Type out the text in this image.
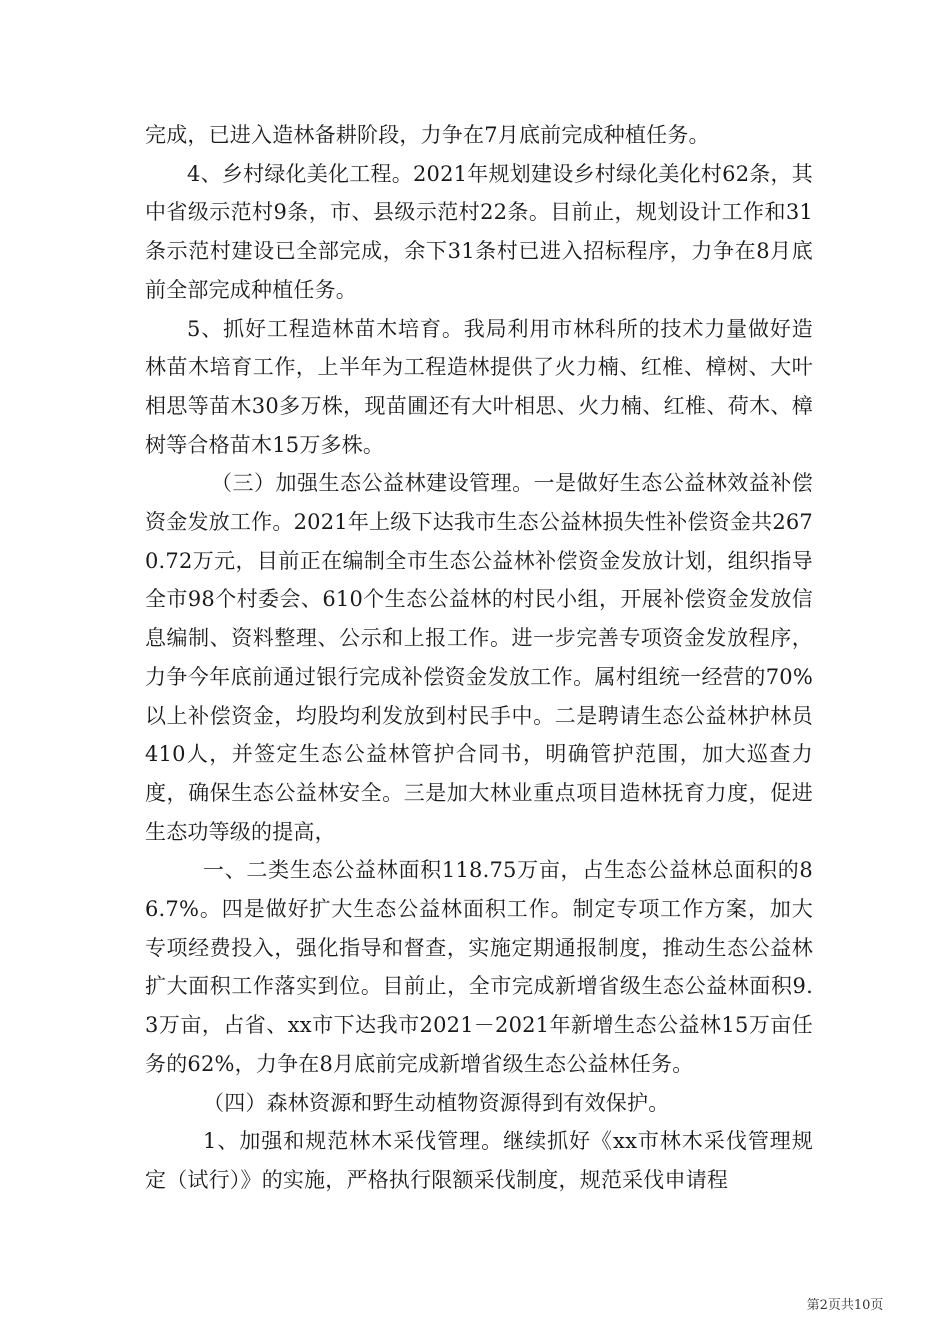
完成，已进入造林备耕阶段，力争在7月底前完成种植任务。

4、乡村绿化美化工程。2021年规划建设乡村绿化美化村62条，其中省级示范村9条，市、县级示范村22条。目前止，规划设计工作和31条示范村建设已全部完成，余下31条村已进入招标程序，力争在8月底前全部完成种植任务。

5、抓好工程造林苗木培育。我局利用市林科所的技术力量做好造林苗木培育工作，上半年为工程造林提供了火力楠、红椎、樟树、大叶相思等苗木30多万株，现苗圃还有大叶相思、火力楠、红椎、荷木、樟树等合格苗木15万多株。

（三）加强生态公益林建设管理。一是做好生态公益林效益补偿资金发放工作。2021年上级下达我市生态公益林损失性补偿资金共2670.72万元，目前正在编制全市生态公益林补偿资金发放计划，组织指导全市98个村委会、610个生态公益林的村民小组，开展补偿资金发放信息编制、资料整理、公示和上报工作。进一步完善专项资金发放程序，力争今年底前通过银行完成补偿资金发放工作。属村组统一经营的70%以上补偿资金，均股均利发放到村民手中。二是聘请生态公益林护林员410人，并签定生态公益林管护合同书，明确管护范围，加大巡查力度，确保生态公益林安全。三是加大林业重点项目造林抚育力度，促进生态功等级的提高，

一、二类生态公益林面积118.75万亩，占生态公益林总面积的86.7%。四是做好扩大生态公益林面积工作。制定专项工作方案，加大专项经费投入，强化指导和督查，实施定期通报制度，推动生态公益林扩大面积工作落实到位。目前止，全市完成新增省级生态公益林面积9.3万亩，占省、xx市下达我市2021－2021年新增生态公益林15万亩任务的62%，力争在8月底前完成新增省级生态公益林任务。

（四）森林资源和野生动植物资源得到有效保护。

1、加强和规范林木采伐管理。继续抓好《xx市林木采伐管理规定（试行）》的实施，严格执行限额采伐制度，规范采伐申请程

第2页共10页
